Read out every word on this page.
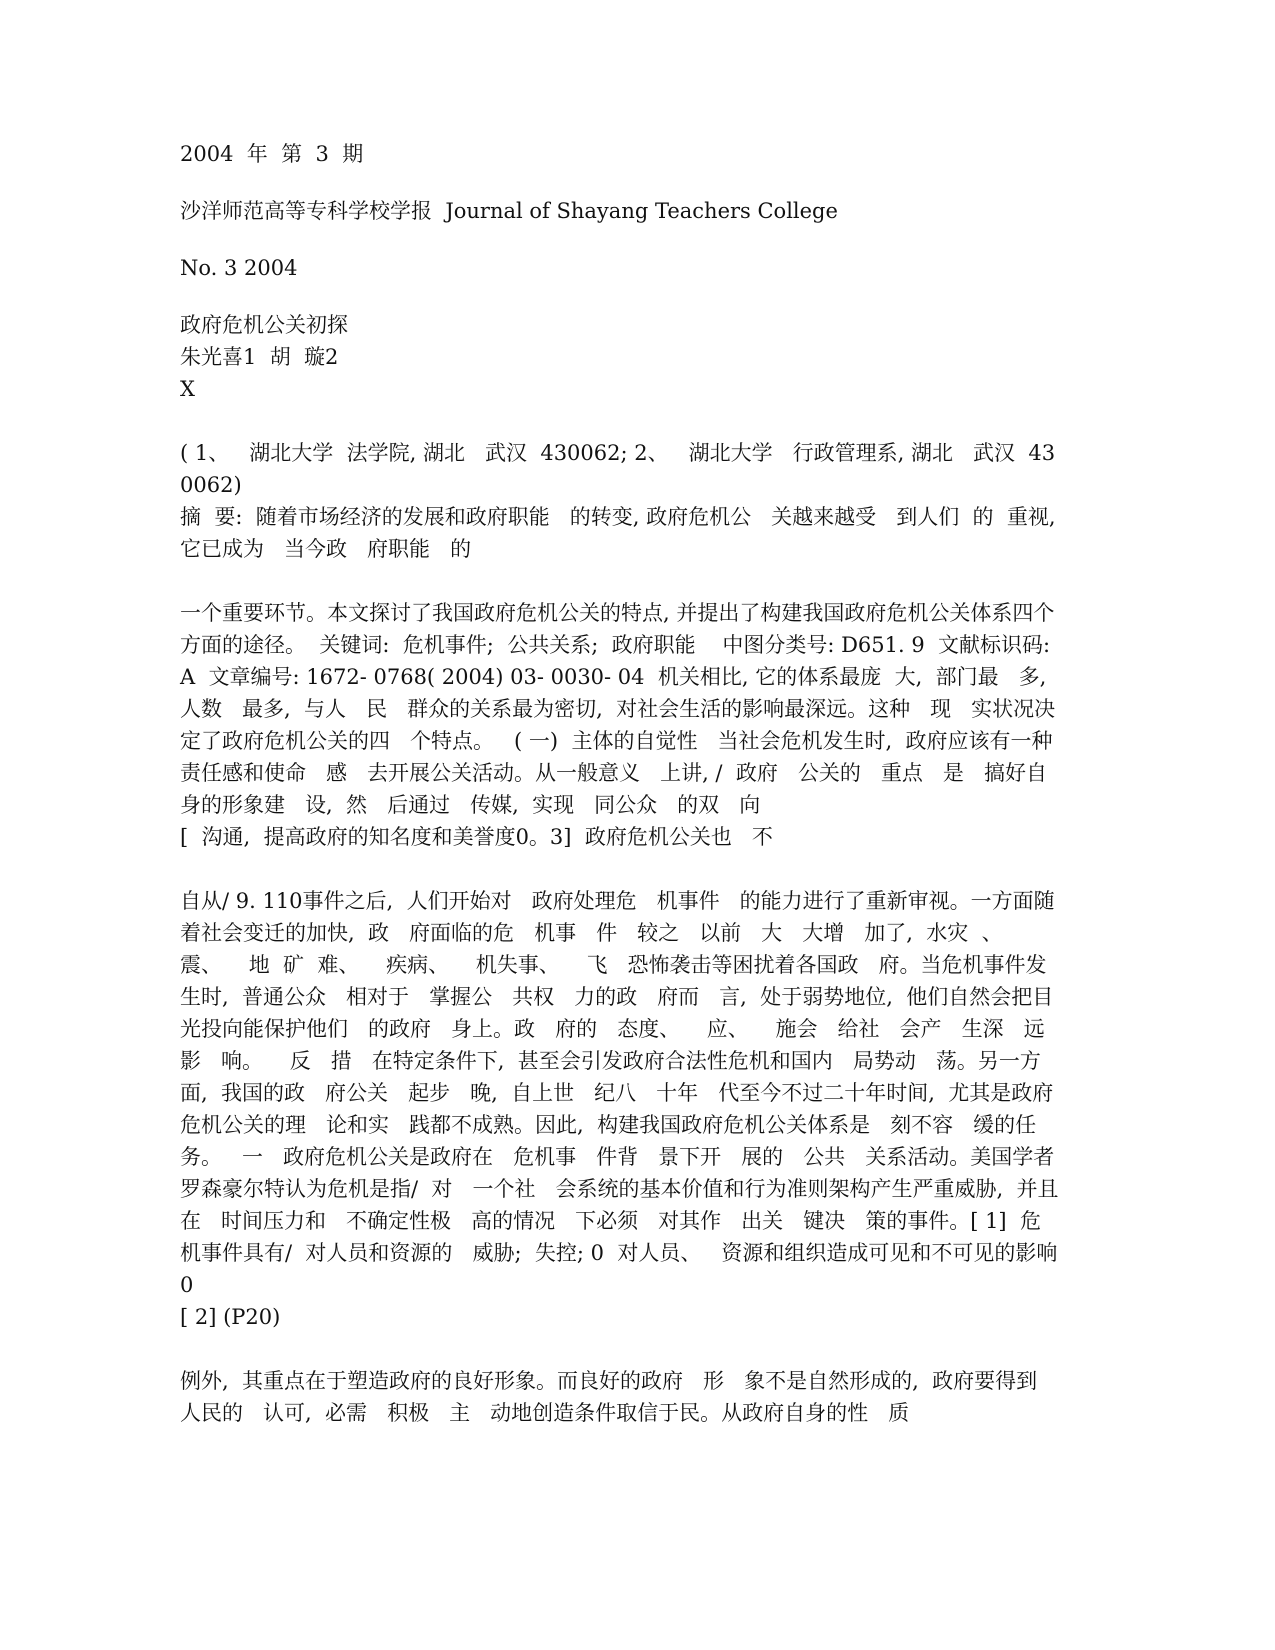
2004  年  第  3  期

沙洋师范高等专科学校学报  Journal of Shayang Teachers College

No. 3 2004

政府危机公关初探

朱光喜1  胡  璇2

X

( 1、   湖北大学  法学院, 湖北   武汉  430062; 2、   湖北大学   行政管理系, 湖北   武汉  430062)

摘  要:  随着市场经济的发展和政府职能   的转变, 政府危机公   关越来越受   到人们  的  重视,  它已成为   当今政   府职能   的

一个重要环节。本文探讨了我国政府危机公关的特点, 并提出了构建我国政府危机公关体系四个方面的途径。  关键词:  危机事件;  公共关系;  政府职能    中图分类号: D651. 9  文献标识码: A  文章编号: 1672- 0768( 2004) 03- 0030- 04  机关相比, 它的体系最庞  大,  部门最   多,  人数   最多,  与人   民   群众的关系最为密切,  对社会生活的影响最深远。这种   现   实状况决定了政府危机公关的四   个特点。   ( 一)  主体的自觉性   当社会危机发生时,  政府应该有一种责任感和使命   感   去开展公关活动。从一般意义   上讲, /  政府   公关的   重点   是   搞好自身的形象建   设,  然   后通过   传媒,  实现   同公众   的双   向

[  沟通,  提高政府的知名度和美誉度0。3]  政府危机公关也   不

自从/ 9. 110事件之后,  人们开始对   政府处理危   机事件   的能力进行了重新审视。一方面随着社会变迁的加快,  政   府面临的危   机事   件   较之   以前   大   大增   加了,  水灾  、   震、    地  矿  难、    疾病、    机失事、    飞   恐怖袭击等困扰着各国政   府。当危机事件发生时,  普通公众   相对于   掌握公   共权   力的政   府而   言,  处于弱势地位,  他们自然会把目光投向能保护他们   的政府   身上。政   府的   态度、    应、    施会   给社   会产   生深   远影   响。    反   措   在特定条件下,  甚至会引发政府合法性危机和国内   局势动   荡。另一方   面,  我国的政   府公关   起步   晚,  自上世   纪八   十年   代至今不过二十年时间,  尤其是政府危机公关的理   论和实   践都不成熟。因此,  构建我国政府危机公关体系是   刻不容   缓的任务。   一   政府危机公关是政府在   危机事   件背   景下开   展的   公共   关系活动。美国学者罗森豪尔特认为危机是指/  对   一个社   会系统的基本价值和行为准则架构产生严重威胁,  并且在   时间压力和   不确定性极   高的情况   下必须   对其作   出关   键决   策的事件。[ 1]  危机事件具有/  对人员和资源的   威胁;  失控; 0  对人员、   资源和组织造成可见和不可见的影响0

[ 2] (P20)

例外,  其重点在于塑造政府的良好形象。而良好的政府   形   象不是自然形成的,  政府要得到   人民的   认可,  必需   积极   主   动地创造条件取信于民。从政府自身的性   质
